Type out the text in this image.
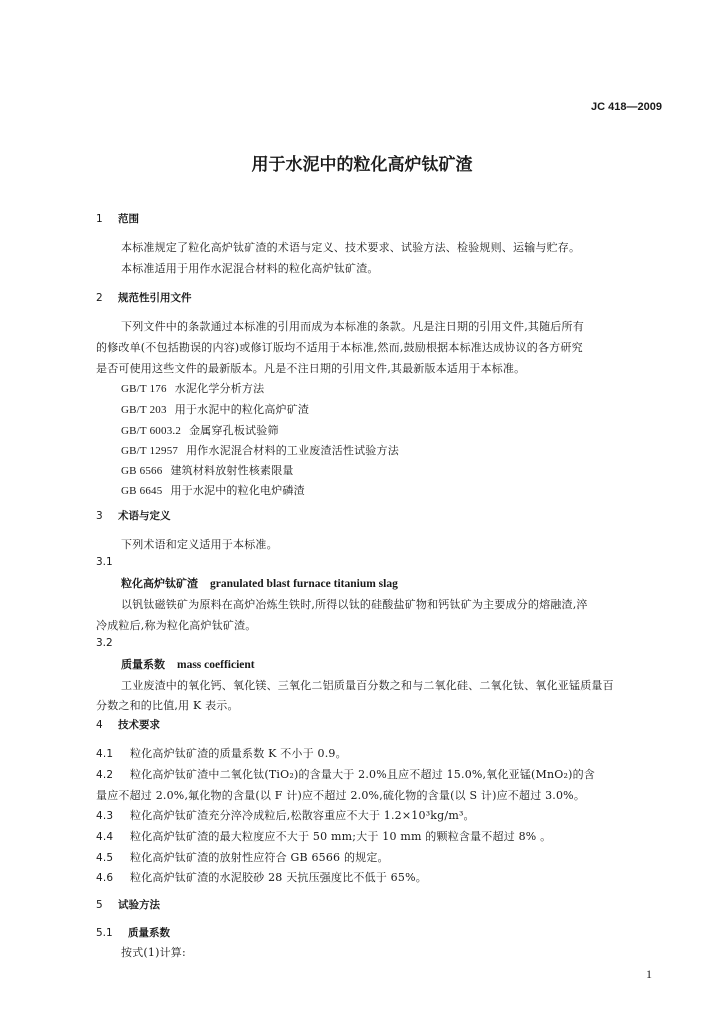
JC 418—2009
用于水泥中的粒化高炉钛矿渣
1 范围
本标准规定了粒化高炉钛矿渣的术语与定义、技术要求、试验方法、检验规则、运输与贮存。
本标准适用于用作水泥混合材料的粒化高炉钛矿渣。
2 规范性引用文件
下列文件中的条款通过本标准的引用而成为本标准的条款。凡是注日期的引用文件,其随后所有
的修改单(不包括勘误的内容)或修订版均不适用于本标准,然而,鼓励根据本标准达成协议的各方研究
是否可使用这些文件的最新版本。凡是不注日期的引用文件,其最新版本适用于本标准。
GB/T 176 水泥化学分析方法
GB/T 203 用于水泥中的粒化高炉矿渣
GB/T 6003.2 金属穿孔板试验筛
GB/T 12957 用作水泥混合材料的工业废渣活性试验方法
GB 6566 建筑材料放射性核素限量
GB 6645 用于水泥中的粒化电炉磷渣
3 术语与定义
下列术语和定义适用于本标准。
3.1
粒化高炉钛矿渣 granulated blast furnace titanium slag
以钒钛磁铁矿为原料在高炉冶炼生铁时,所得以钛的硅酸盐矿物和钙钛矿为主要成分的熔融渣,淬
冷成粒后,称为粒化高炉钛矿渣。
3.2
质量系数 mass coefficient
工业废渣中的氧化钙、氧化镁、三氧化二铝质量百分数之和与二氧化硅、二氧化钛、氧化亚锰质量百
分数之和的比值,用 K 表示。
4 技术要求
4.1 粒化高炉钛矿渣的质量系数 K 不小于 0.9。
4.2 粒化高炉钛矿渣中二氧化钛(TiO₂)的含量大于 2.0%且应不超过 15.0%,氧化亚锰(MnO₂)的含
量应不超过 2.0%,氟化物的含量(以 F 计)应不超过 2.0%,硫化物的含量(以 S 计)应不超过 3.0%。
4.3 粒化高炉钛矿渣充分淬冷成粒后,松散容重应不大于 1.2×10³kg/m³。
4.4 粒化高炉钛矿渣的最大粒度应不大于 50 mm;大于 10 mm 的颗粒含量不超过 8% 。
4.5 粒化高炉钛矿渣的放射性应符合 GB 6566 的规定。
4.6 粒化高炉钛矿渣的水泥胶砂 28 天抗压强度比不低于 65%。
5 试验方法
5.1 质量系数
按式(1)计算:
1
